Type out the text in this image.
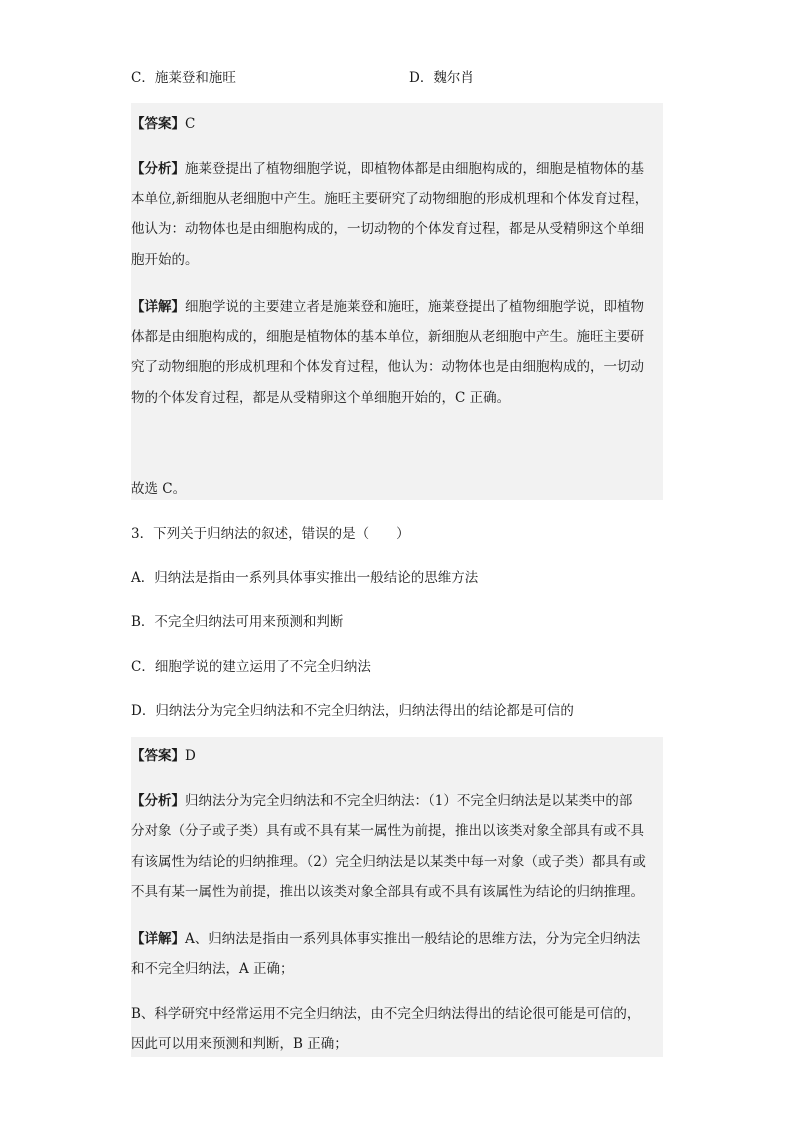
C．施莱登和施旺	D．魏尔肖
【答案】C
【分析】施莱登提出了植物细胞学说，即植物体都是由细胞构成的，细胞是植物体的基
本单位,新细胞从老细胞中产生。施旺主要研究了动物细胞的形成机理和个体发育过程，
他认为：动物体也是由细胞构成的，一切动物的个体发育过程，都是从受精卵这个单细
胞开始的。
【详解】细胞学说的主要建立者是施莱登和施旺，施莱登提出了植物细胞学说，即植物
体都是由细胞构成的，细胞是植物体的基本单位，新细胞从老细胞中产生。施旺主要研
究了动物细胞的形成机理和个体发育过程，他认为：动物体也是由细胞构成的，一切动
物的个体发育过程，都是从受精卵这个单细胞开始的，C 正确。
故选 C。
3．下列关于归纳法的叙述，错误的是（　　）
A．归纳法是指由一系列具体事实推出一般结论的思维方法
B．不完全归纳法可用来预测和判断
C．细胞学说的建立运用了不完全归纳法
D．归纳法分为完全归纳法和不完全归纳法，归纳法得出的结论都是可信的
【答案】D
【分析】归纳法分为完全归纳法和不完全归纳法：（1）不完全归纳法是以某类中的部
分对象（分子或子类）具有或不具有某一属性为前提，推出以该类对象全部具有或不具
有该属性为结论的归纳推理。（2）完全归纳法是以某类中每一对象（或子类）都具有或
不具有某一属性为前提，推出以该类对象全部具有或不具有该属性为结论的归纳推理。
【详解】A、归纳法是指由一系列具体事实推出一般结论的思维方法，分为完全归纳法
和不完全归纳法，A 正确；
B、科学研究中经常运用不完全归纳法，由不完全归纳法得出的结论很可能是可信的，
因此可以用来预测和判断，B 正确；
